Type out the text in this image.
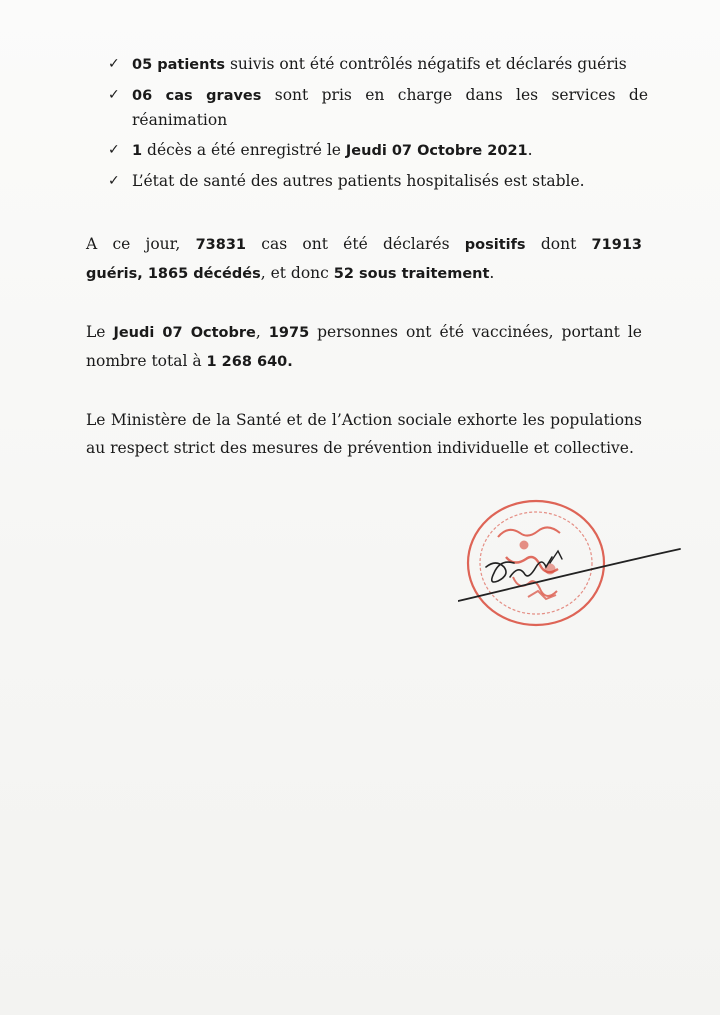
✓ 05 patients suivis ont été contrôlés négatifs et déclarés guéris
✓ 06 cas graves sont pris en charge dans les services de réanimation
✓ 1 décès a été enregistré le Jeudi 07 Octobre 2021.
✓ L’état de santé des autres patients hospitalisés est stable.
A ce jour, 73831 cas ont été déclarés positifs dont 71913
guéris, 1865 décédés, et donc 52 sous traitement.
Le Jeudi 07 Octobre, 1975 personnes ont été vaccinées, portant le nombre total à 1 268 640.
Le Ministère de la Santé et de l’Action sociale exhorte les populations au respect strict des mesures de prévention individuelle et collective.
